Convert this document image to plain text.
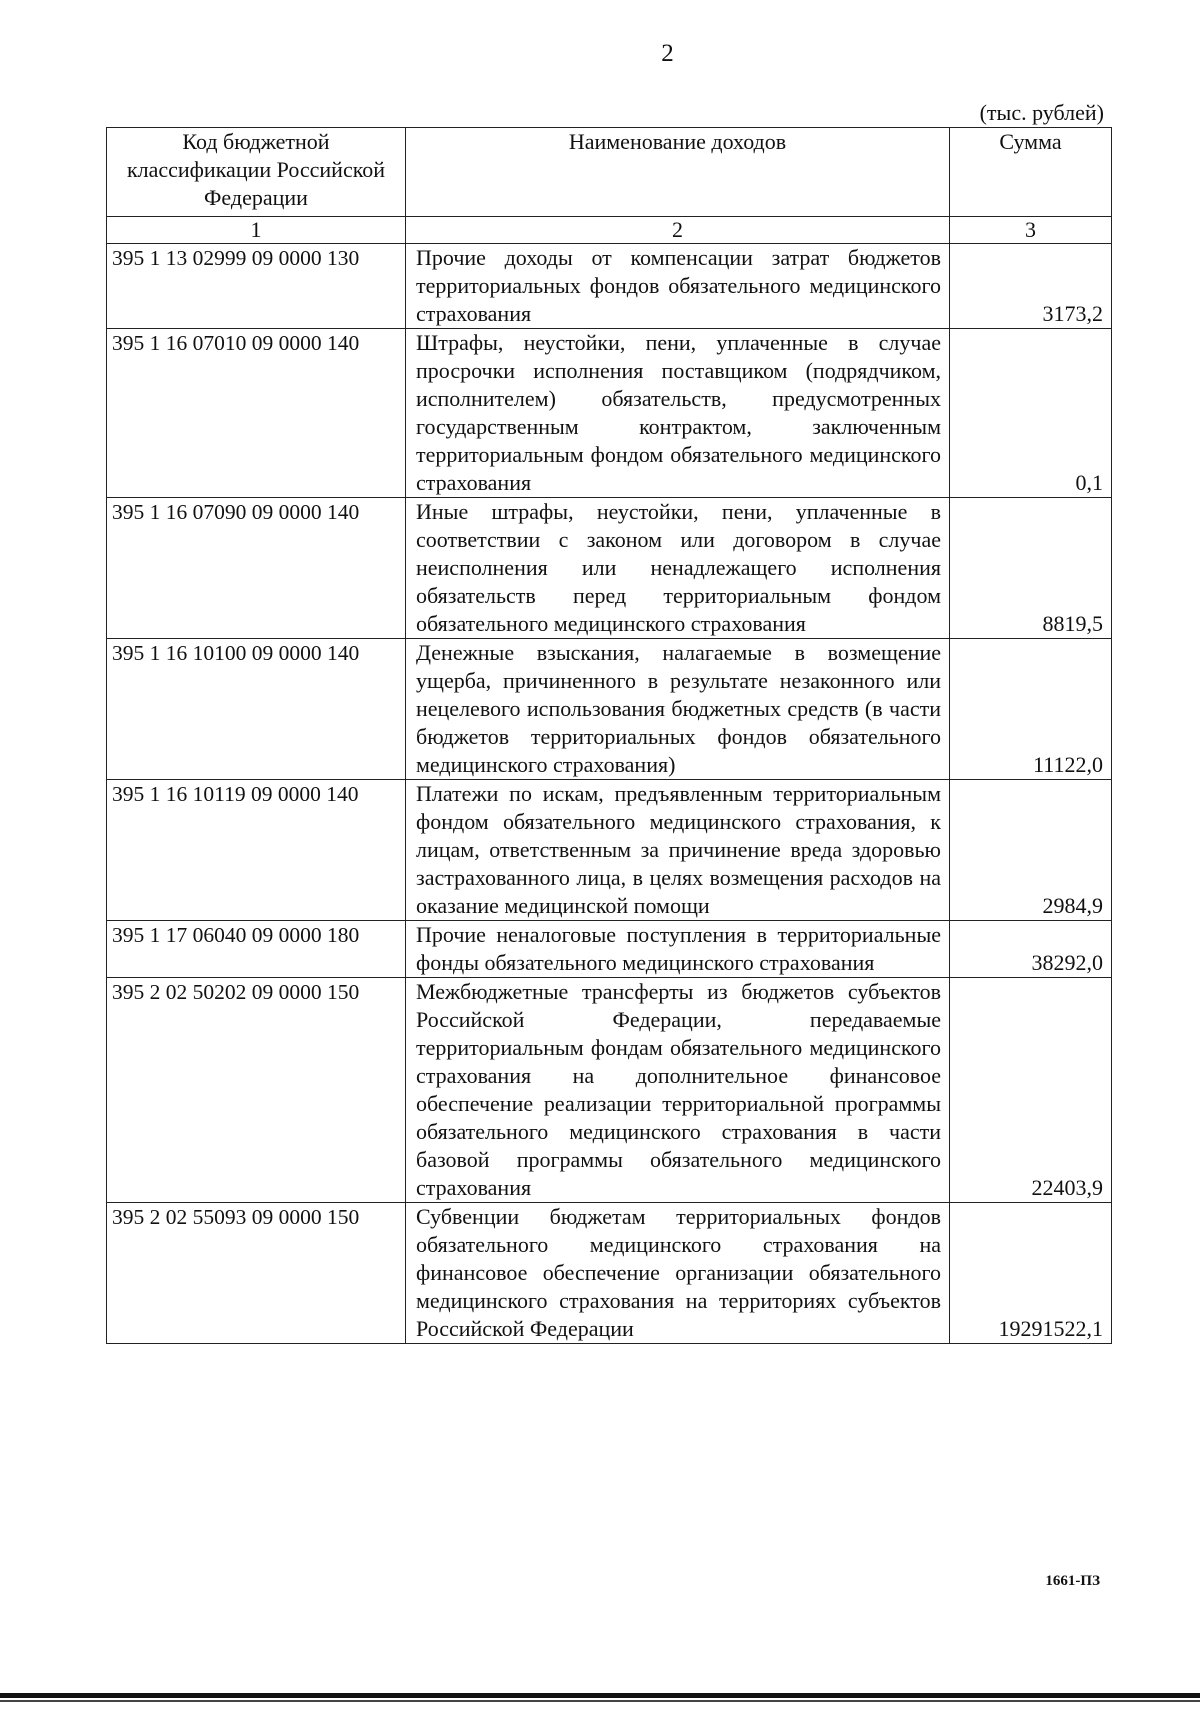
2
(тыс. рублей)
Код бюджетной классификации Российской Федерации	Наименование доходов	Сумма
1	2	3
395 1 13 02999 09 0000 130	Прочие доходы от компенсации затрат бюджетов территориальных фондов обязательного медицинского страхования	3173,2
395 1 16 07010 09 0000 140	Штрафы, неустойки, пени, уплаченные в случае просрочки исполнения поставщиком (подрядчиком, исполнителем) обязательств, предусмотренных государственным контрактом, заключенным территориальным фондом обязательного медицинского страхования	0,1
395 1 16 07090 09 0000 140	Иные штрафы, неустойки, пени, уплаченные в соответствии с законом или договором в случае неисполнения или ненадлежащего исполнения обязательств перед территориальным фондом обязательного медицинского страхования	8819,5
395 1 16 10100 09 0000 140	Денежные взыскания, налагаемые в возмещение ущерба, причиненного в результате незаконного или нецелевого использования бюджетных средств (в части бюджетов территориальных фондов обязательного медицинского страхования)	11122,0
395 1 16 10119 09 0000 140	Платежи по искам, предъявленным территориальным фондом обязательного медицинского страхования, к лицам, ответственным за причинение вреда здоровью застрахованного лица, в целях возмещения расходов на оказание медицинской помощи	2984,9
395 1 17 06040 09 0000 180	Прочие неналоговые поступления в территориальные фонды обязательного медицинского страхования	38292,0
395 2 02 50202 09 0000 150	Межбюджетные трансферты из бюджетов субъектов Российской Федерации, передаваемые территориальным фондам обязательного медицинского страхования на дополнительное финансовое обеспечение реализации территориальной программы обязательного медицинского страхования в части базовой программы обязательного медицинского страхования	22403,9
395 2 02 55093 09 0000 150	Субвенции бюджетам территориальных фондов обязательного медицинского страхования на финансовое обеспечение организации обязательного медицинского страхования на территориях субъектов Российской Федерации	19291522,1
1661-ПЗ
